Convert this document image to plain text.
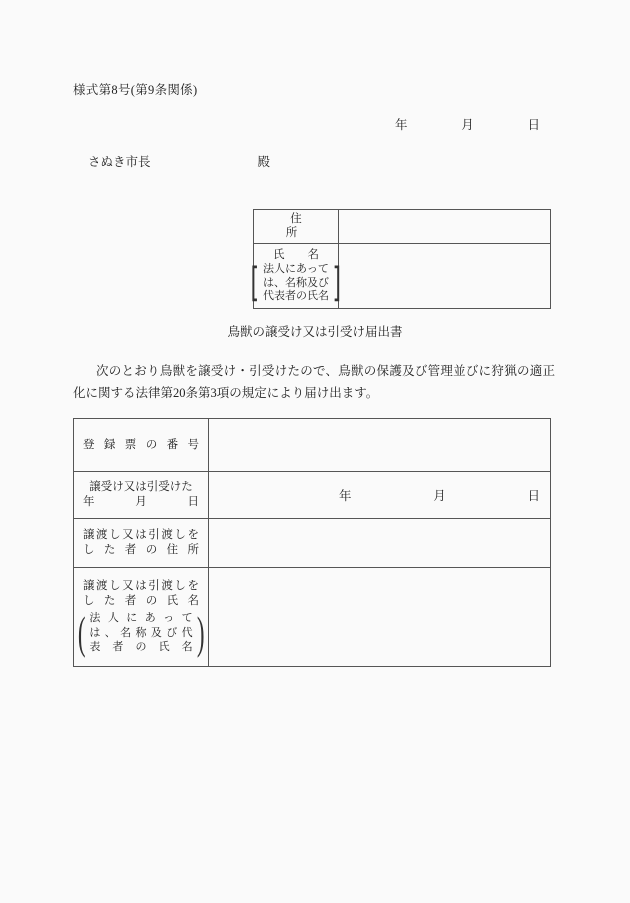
様式第8号(第9条関係)
年	月	日
さぬき市長	殿
住　　所	

氏　　名
[ 法人にあって
は、名称及び
代表者の氏名 ]

鳥獣の譲受け又は引受け届出書
次のとおり鳥獣を譲受け・引受けたので、鳥獣の保護及び管理並びに狩猟の適正化に関する法律第20条第3項の規定により届け出ます。
登録票の番号	

譲受け又は引受けた
年　　　月　　　日	年 月 日

譲渡し又は引渡しを
した者の住所	

譲渡し又は引渡しを
した者の氏名
( 法人にあって
は、名称及び代
表者の氏名 )
